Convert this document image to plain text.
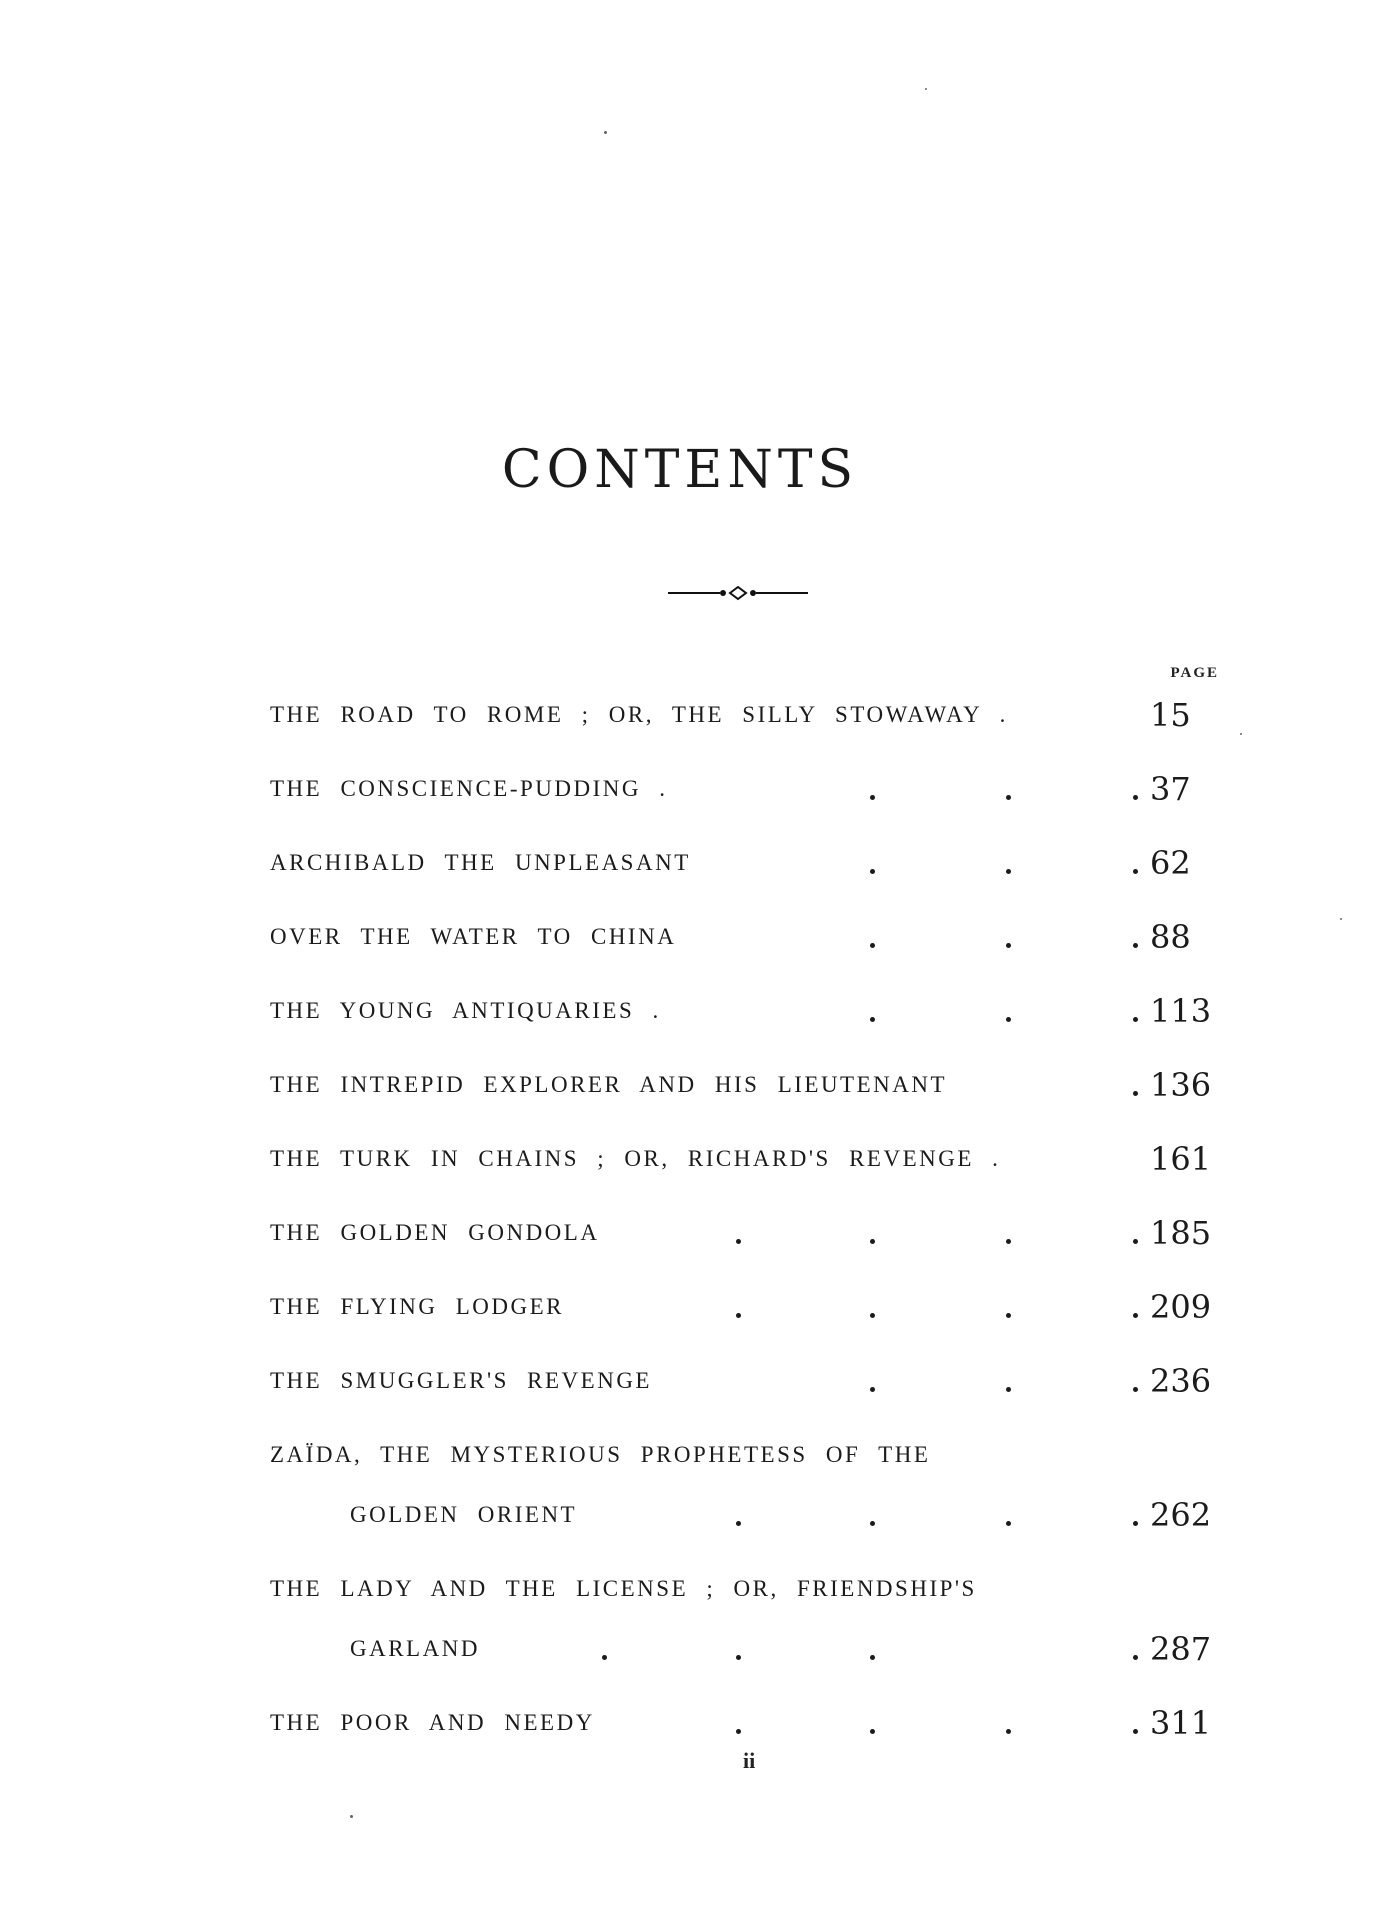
CONTENTS
PAGE
THE ROAD TO ROME ; OR, THE SILLY STOWAWAY .	15
THE CONSCIENCE-PUDDING .	37
ARCHIBALD THE UNPLEASANT	62
OVER THE WATER TO CHINA	88
THE YOUNG ANTIQUARIES .	113
THE INTREPID EXPLORER AND HIS LIEUTENANT	136
THE TURK IN CHAINS ; OR, RICHARD'S REVENGE .	161
THE GOLDEN GONDOLA	185
THE FLYING LODGER	209
THE SMUGGLER'S REVENGE	236
ZAÏDA, THE MYSTERIOUS PROPHETESS OF THE
GOLDEN ORIENT	262
THE LADY AND THE LICENSE ; OR, FRIENDSHIP'S
GARLAND	287
THE POOR AND NEEDY	311
ii
